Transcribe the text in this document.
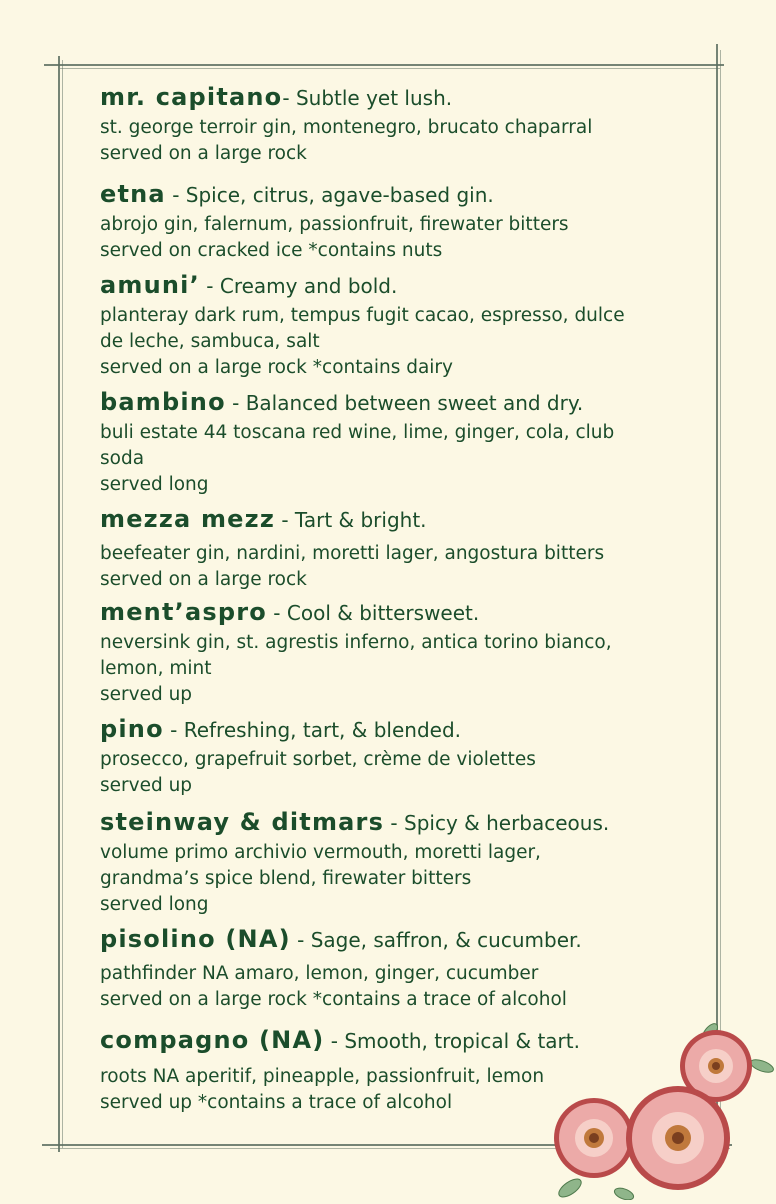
mr. capitano- Subtle yet lush.
st. george terroir gin, montenegro, brucato chaparral
served on a large rock
etna - Spice, citrus, agave-based gin.
abrojo gin, falernum, passionfruit, firewater bitters
served on cracked ice *contains nuts
amuni’ - Creamy and bold.
planteray dark rum, tempus fugit cacao, espresso, dulce
de leche, sambuca, salt
served on a large rock *contains dairy
bambino - Balanced between sweet and dry.
buli estate 44 toscana red wine, lime, ginger, cola, club
soda
served long
mezza mezz - Tart & bright.
beefeater gin, nardini, moretti lager, angostura bitters
served on a large rock
ment’aspro - Cool & bittersweet.
neversink gin, st. agrestis inferno, antica torino bianco,
lemon, mint
served up
pino - Refreshing, tart, & blended.
prosecco, grapefruit sorbet, crème de violettes
served up
steinway & ditmars - Spicy & herbaceous.
volume primo archivio vermouth, moretti lager,
grandma’s spice blend, firewater bitters
served long
pisolino (NA) - Sage, saffron, & cucumber.
pathfinder NA amaro, lemon, ginger, cucumber
served on a large rock *contains a trace of alcohol
compagno (NA) - Smooth, tropical & tart.
roots NA aperitif, pineapple, passionfruit, lemon
served up *contains a trace of alcohol
